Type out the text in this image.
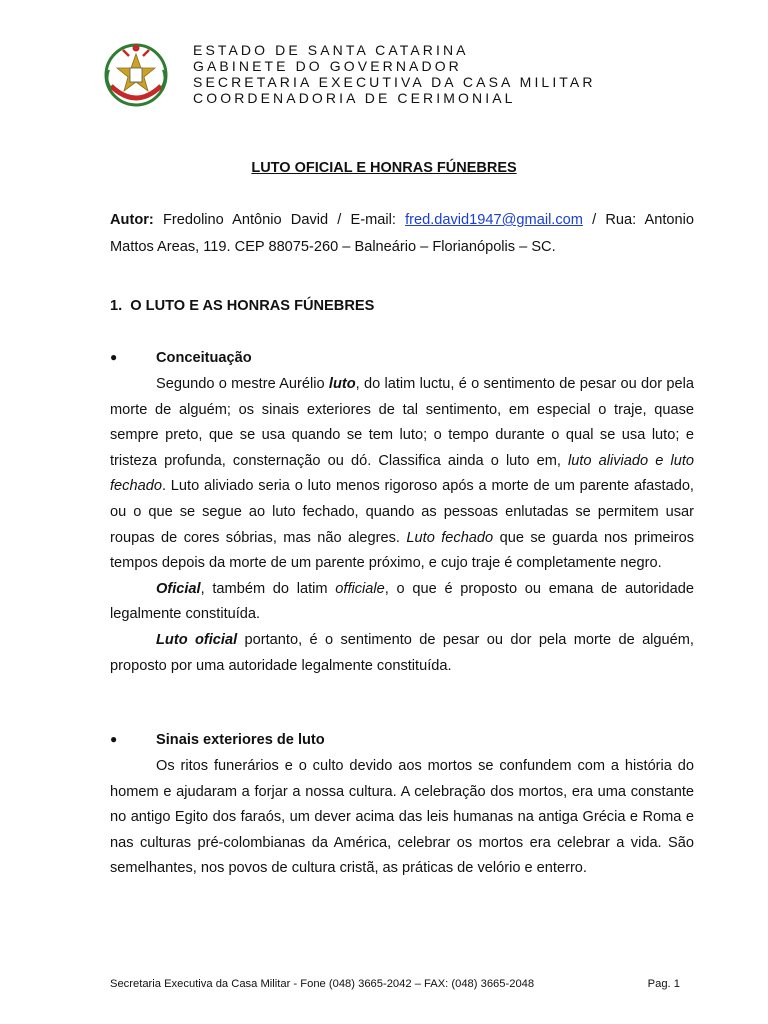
ESTADO DE SANTA CATARINA
GABINETE DO GOVERNADOR
SECRETARIA EXECUTIVA DA CASA MILITAR
COORDENADORIA DE CERIMONIAL
LUTO OFICIAL E HONRAS FÚNEBRES
Autor: Fredolino Antônio David / E-mail: fred.david1947@gmail.com / Rua: Antonio Mattos Areas, 119. CEP 88075-260 – Balneário – Florianópolis – SC.
1.  O LUTO E AS HONRAS FÚNEBRES
●	Conceituação

Segundo o mestre Aurélio luto, do latim luctu, é o sentimento de pesar ou dor pela morte de alguém; os sinais exteriores de tal sentimento, em especial o traje, quase sempre preto, que se usa quando se tem luto; o tempo durante o qual se usa luto; e tristeza profunda, consternação ou dó. Classifica ainda o luto em, luto aliviado e luto fechado. Luto aliviado seria o luto menos rigoroso após a morte de um parente afastado, ou o que se segue ao luto fechado, quando as pessoas enlutadas se permitem usar roupas de cores sóbrias, mas não alegres. Luto fechado que se guarda nos primeiros tempos depois da morte de um parente próximo, e cujo traje é completamente negro.

Oficial, também do latim officiale, o que é proposto ou emana de autoridade legalmente constituída.

Luto oficial portanto, é o sentimento de pesar ou dor pela morte de alguém, proposto por uma autoridade legalmente constituída.

●	Sinais exteriores de luto

Os ritos funerários e o culto devido aos mortos se confundem com a história do homem e ajudaram a forjar a nossa cultura. A celebração dos mortos, era uma constante no antigo Egito dos faraós, um dever acima das leis humanas na antiga Grécia e Roma e nas culturas pré-colombianas da América, celebrar os mortos era celebrar a vida. São semelhantes, nos povos de cultura cristã, as práticas de velório e enterro.

Secretaria Executiva da Casa Militar - Fone (048) 3665-2042 – FAX: (048) 3665-2048	Pag. 1
